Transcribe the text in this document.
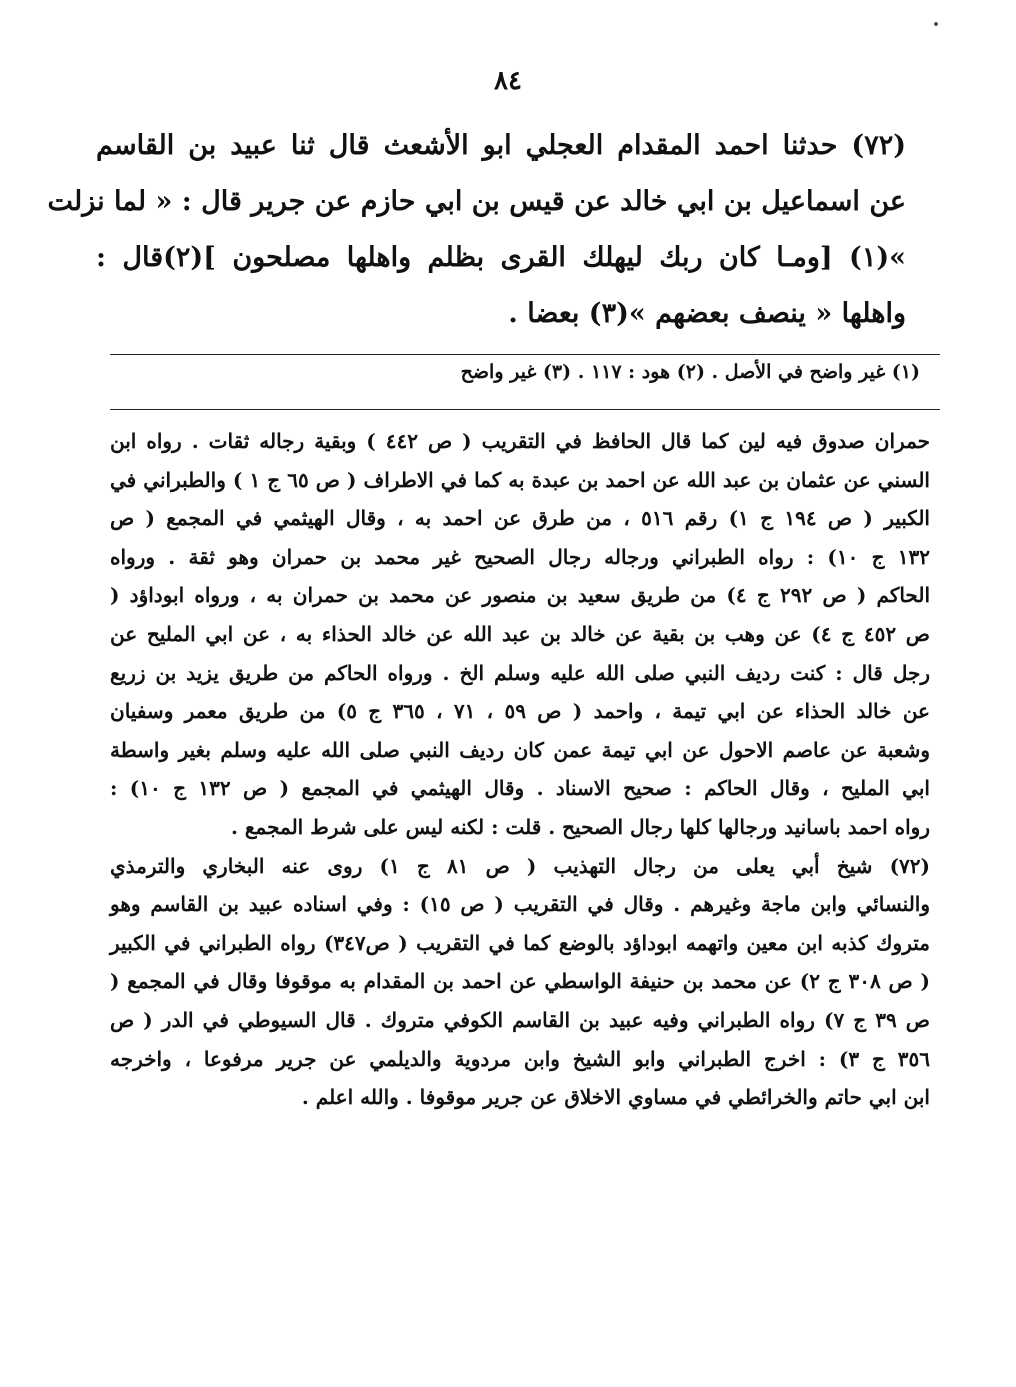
٨٤
(٧٢) حدثنا احمد المقدام العجلي ابو الأشعث قال ثنا عبيد بن القاسم
عن اسماعيل بن ابي خالد عن قيس بن ابي حازم عن جرير قال : « لما نزلت
»(١) [ومـا كان ربك ليهلك القرى بظلم واهلها مصلحون ](٢)قال :
واهلها « ينصف بعضهم »(٣) بعضا .
(١) غير واضح في الأصل . (٢) هود : ١١٧ . (٣) غير واضح
حمران صدوق فيه لين كما قال الحافظ في التقريب ( ص ٤٤٢ ) وبقية رجاله ثقات . رواه ابن
السني عن عثمان بن عبد الله عن احمد بن عبدة به كما في الاطراف ( ص ٦٥ ج ١ ) والطبراني في
الكبير ( ص ١٩٤ ج ١) رقم ٥١٦ ، من طرق عن احمد به ، وقال الهيثمي في المجمع ( ص
١٣٢ ج ١٠) : رواه الطبراني ورجاله رجال الصحيح غير محمد بن حمران وهو ثقة . ورواه
الحاكم ( ص ٢٩٢ ج ٤) من طريق سعيد بن منصور عن محمد بن حمران به ، ورواه ابوداؤد (
ص ٤٥٢ ج ٤) عن وهب بن بقية عن خالد بن عبد الله عن خالد الحذاء به ، عن ابي المليح عن
رجل قال : كنت رديف النبي صلى الله عليه وسلم الخ . ورواه الحاكم من طريق يزيد بن زريع
عن خالد الحذاء عن ابي تيمة ، واحمد ( ص ٥٩ ، ٧١ ، ٣٦٥ ج ٥) من طريق معمر وسفيان
وشعبة عن عاصم الاحول عن ابي تيمة عمن كان رديف النبي صلى الله عليه وسلم بغير واسطة
ابي المليح ، وقال الحاكم : صحيح الاسناد . وقال الهيثمي في المجمع ( ص ١٣٢ ج ١٠) :
رواه احمد باسانيد ورجالها كلها رجال الصحيح . قلت : لكنه ليس على شرط المجمع .
(٧٢) شيخ أبي يعلى من رجال التهذيب ( ص ٨١ ج ١) روى عنه البخاري والترمذي
والنسائي وابن ماجة وغيرهم . وقال في التقريب ( ص ١٥) : وفي اسناده عبيد بن القاسم وهو
متروك كذبه ابن معين واتهمه ابوداؤد بالوضع كما في التقريب ( ص٣٤٧) رواه الطبراني في الكبير
( ص ٣٠٨ ج ٢) عن محمد بن حنيفة الواسطي عن احمد بن المقدام به موقوفا وقال في المجمع (
ص ٣٩ ج ٧) رواه الطبراني وفيه عبيد بن القاسم الكوفي متروك . قال السيوطي في الدر ( ص
٣٥٦ ج ٣) : اخرج الطبراني وابو الشيخ وابن مردوية والديلمي عن جرير مرفوعا ، واخرجه
ابن ابي حاتم والخرائطي في مساوي الاخلاق عن جرير موقوفا . والله اعلم .
